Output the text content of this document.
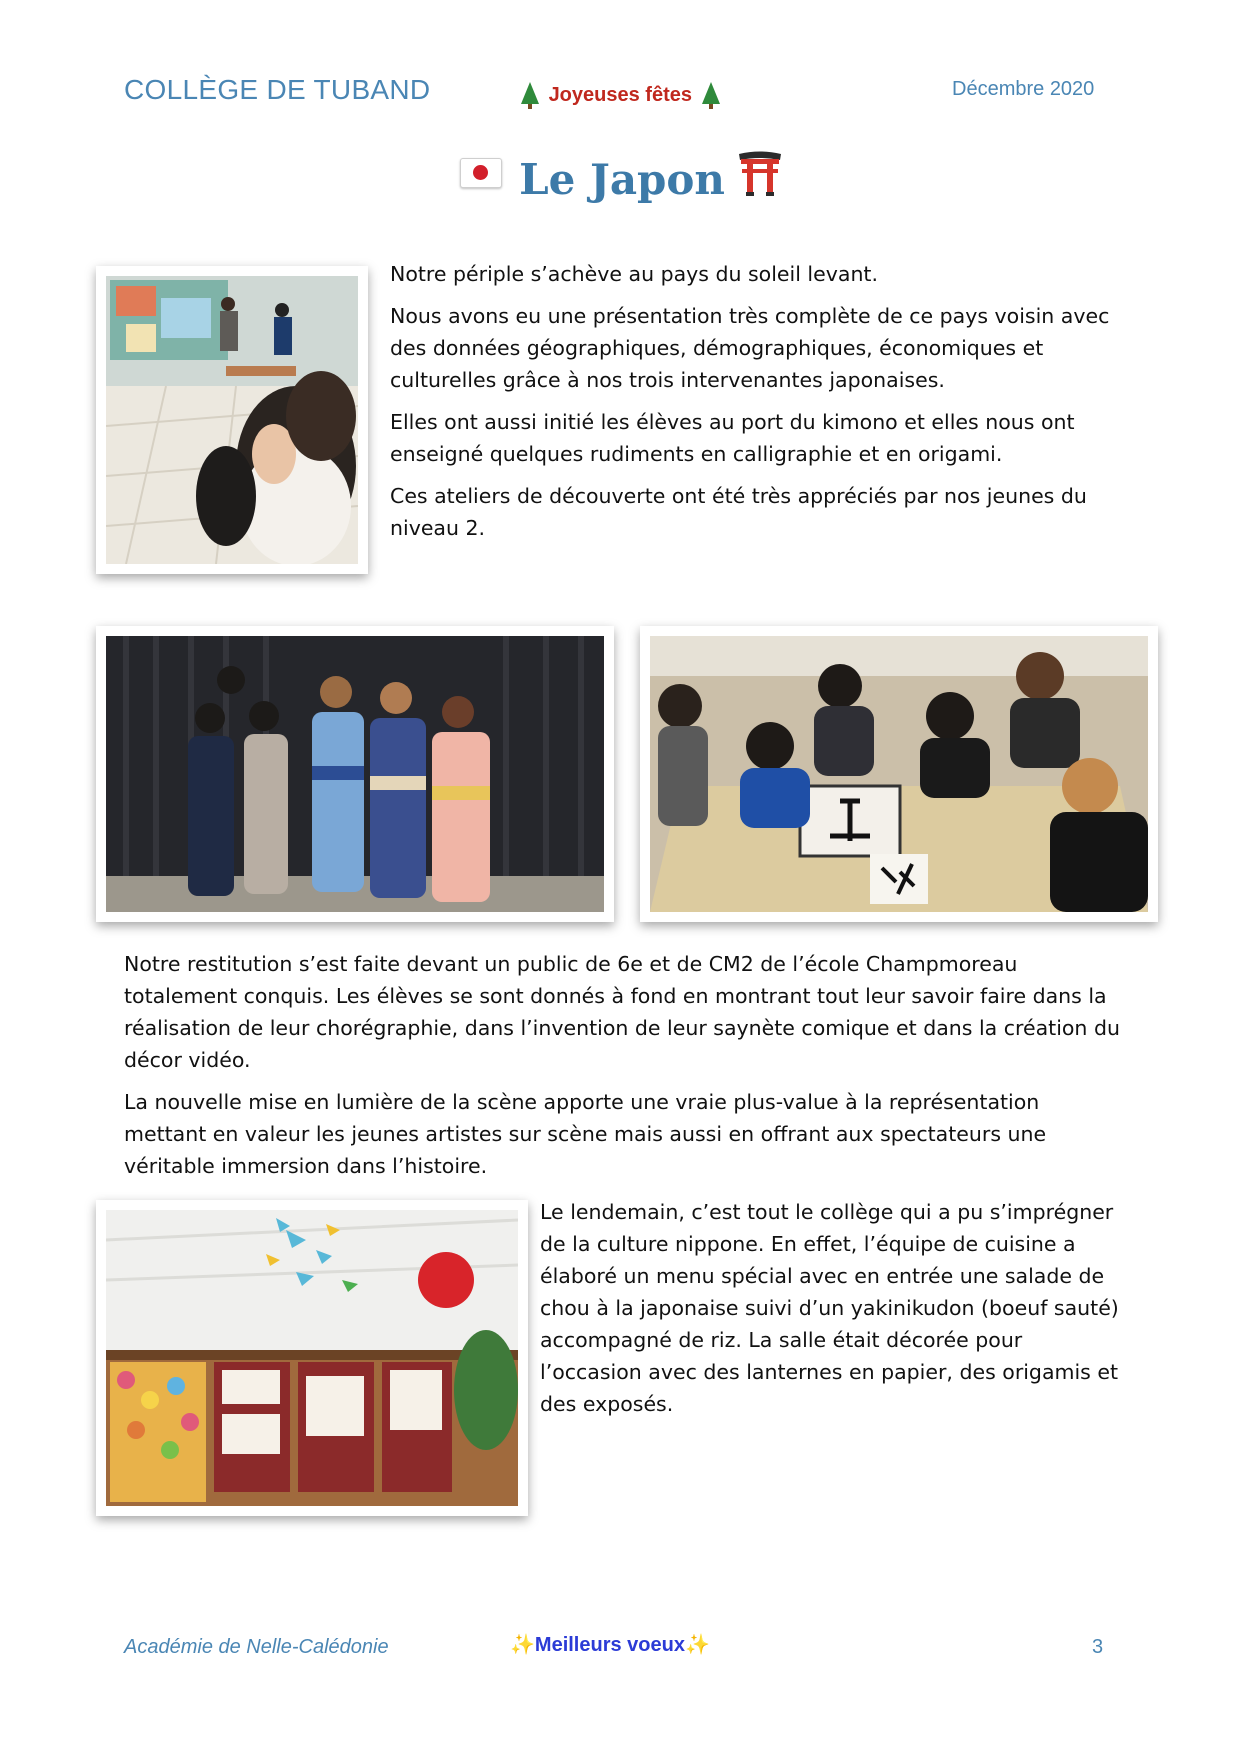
COLLÈGE DE TUBAND	Joyeuses fêtes	Décembre 2020
Le Japon

Notre périple s’achève au pays du soleil levant.

Nous avons eu une présentation très complète de ce pays voisin avec des données géographiques, démographiques, économiques et culturelles grâce à nos trois intervenantes japonaises.

Elles ont aussi initié les élèves au port du kimono et elles nous ont enseigné quelques rudiments en calligraphie et en origami.

Ces ateliers de découverte ont été très appréciés par nos jeunes du niveau 2.

Notre restitution s’est faite devant un public de 6e et de CM2 de l’école Champmoreau totalement conquis. Les élèves se sont donnés à fond en montrant tout leur savoir faire dans la réalisation de leur chorégraphie, dans l’invention de leur saynète comique et dans la création du décor vidéo.

La nouvelle mise en lumière de la scène apporte une vraie plus-value à la représentation mettant en valeur les jeunes artistes sur scène mais aussi en offrant aux spectateurs une véritable immersion dans l’histoire.

Le lendemain, c’est tout le collège qui a pu s’imprégner de la culture nippone. En effet, l’équipe de cuisine a élaboré un menu spécial avec en entrée une salade de chou à la japonaise suivi d’un yakinikudon (boeuf sauté) accompagné de riz. La salle était décorée pour l’occasion avec des lanternes en papier, des origamis et des exposés.

Académie de Nelle-Calédonie	✨Meilleurs voeux✨	3
